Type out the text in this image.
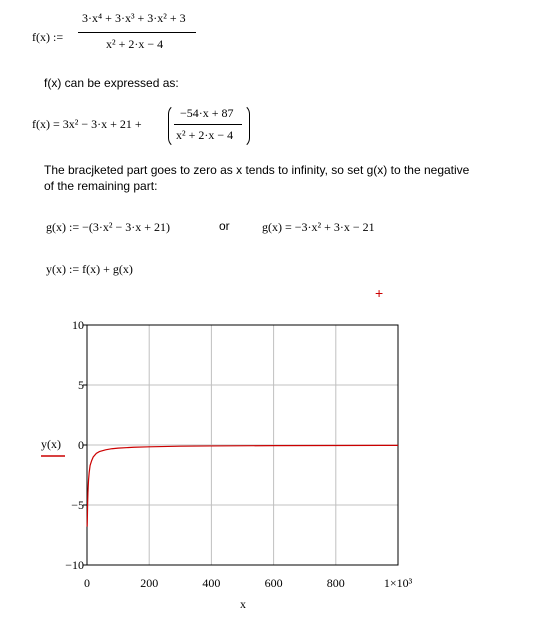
f(x) :=
3·x⁴ + 3·x³ + 3·x² + 3
x² + 2·x − 4
f(x) can be expressed as:
f(x) = 3x² − 3·x + 21 +
−54·x + 87
x² + 2·x − 4
The bracjketed part goes to zero as x tends to infinity, so set g(x) to the negative
of the remaining part:
g(x) := −(3·x² − 3·x + 21)	or	g(x) = −3·x² + 3·x − 21
y(x) := f(x) + g(x)
+
0	200	400	600	800	1×10³
10
5
0
−5
−10
y(x)
x
